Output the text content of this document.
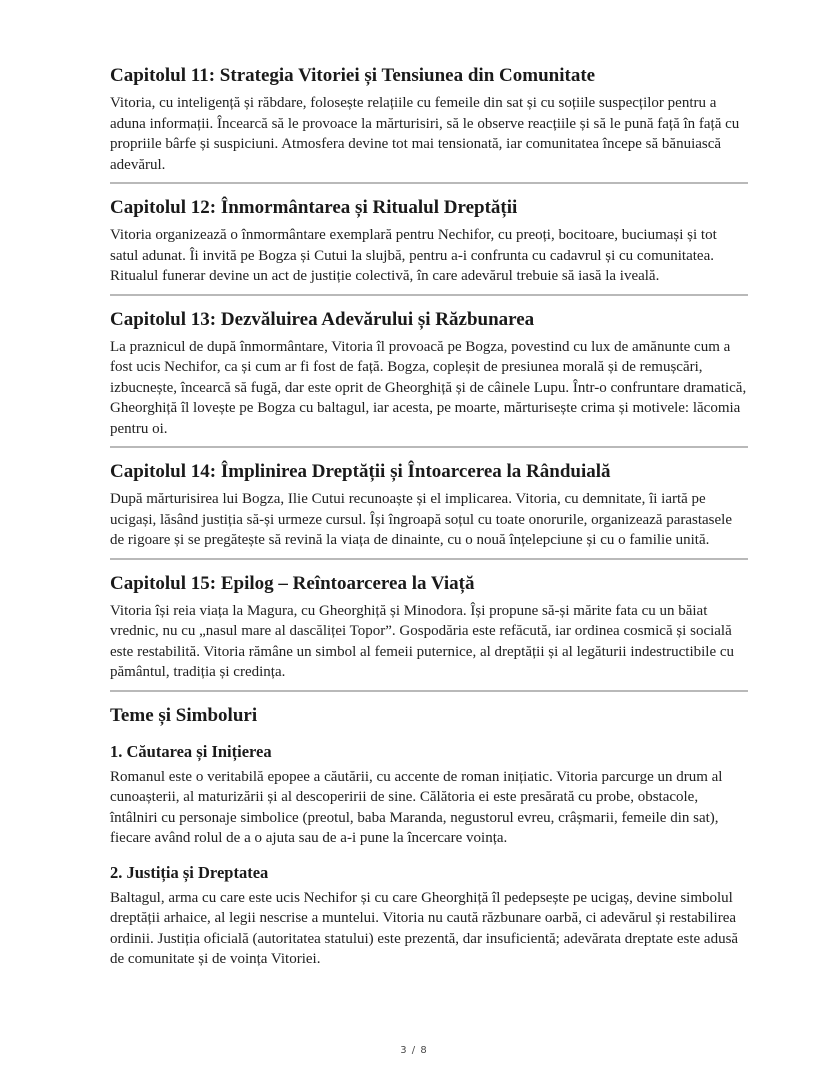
Capitolul 11: Strategia Vitoriei și Tensiunea din Comunitate

Vitoria, cu inteligență și răbdare, folosește relațiile cu femeile din sat și cu soțiile suspecților pentru a aduna informații. Încearcă să le provoace la mărturisiri, să le observe reacțiile și să le pună față în față cu propriile bârfe și suspiciuni. Atmosfera devine tot mai tensionată, iar comunitatea începe să bănuiască adevărul.

Capitolul 12: Înmormântarea și Ritualul Dreptății

Vitoria organizează o înmormântare exemplară pentru Nechifor, cu preoți, bocitoare, buciumași și tot satul adunat. Îi invită pe Bogza și Cutui la slujbă, pentru a-i confrunta cu cadavrul și cu comunitatea. Ritualul funerar devine un act de justiție colectivă, în care adevărul trebuie să iasă la iveală.

Capitolul 13: Dezvăluirea Adevărului și Răzbunarea

La praznicul de după înmormântare, Vitoria îl provoacă pe Bogza, povestind cu lux de amănunte cum a fost ucis Nechifor, ca și cum ar fi fost de față. Bogza, copleșit de presiunea morală și de remușcări, izbucnește, încearcă să fugă, dar este oprit de Gheorghiță și de câinele Lupu. Într-o confruntare dramatică, Gheorghiță îl lovește pe Bogza cu baltagul, iar acesta, pe moarte, mărturisește crima și motivele: lăcomia pentru oi.

Capitolul 14: Împlinirea Dreptății și Întoarcerea la Rânduială

După mărturisirea lui Bogza, Ilie Cutui recunoaște și el implicarea. Vitoria, cu demnitate, îi iartă pe ucigași, lăsând justiția să-și urmeze cursul. Își îngroapă soțul cu toate onorurile, organizează parastasele de rigoare și se pregătește să revină la viața de dinainte, cu o nouă înțelepciune și cu o familie unită.

Capitolul 15: Epilog – Reîntoarcerea la Viață

Vitoria își reia viața la Magura, cu Gheorghiță și Minodora. Își propune să-și mărite fata cu un băiat vrednic, nu cu „nasul mare al dascăliței Topor”. Gospodăria este refăcută, iar ordinea cosmică și socială este restabilită. Vitoria rămâne un simbol al femeii puternice, al dreptății și al legăturii indestructibile cu pământul, tradiția și credința.

Teme și Simboluri
1. Căutarea și Inițierea

Romanul este o veritabilă epopee a căutării, cu accente de roman inițiatic. Vitoria parcurge un drum al cunoașterii, al maturizării și al descoperirii de sine. Călătoria ei este presărată cu probe, obstacole, întâlniri cu personaje simbolice (preotul, baba Maranda, negustorul evreu, crâșmarii, femeile din sat), fiecare având rolul de a o ajuta sau de a-i pune la încercare voința.

2. Justiția și Dreptatea

Baltagul, arma cu care este ucis Nechifor și cu care Gheorghiță îl pedepsește pe ucigaș, devine simbolul dreptății arhaice, al legii nescrise a muntelui. Vitoria nu caută răzbunare oarbă, ci adevărul și restabilirea ordinii. Justiția oficială (autoritatea statului) este prezentă, dar insuficientă; adevărata dreptate este adusă de comunitate și de voința Vitoriei.

3 / 8
